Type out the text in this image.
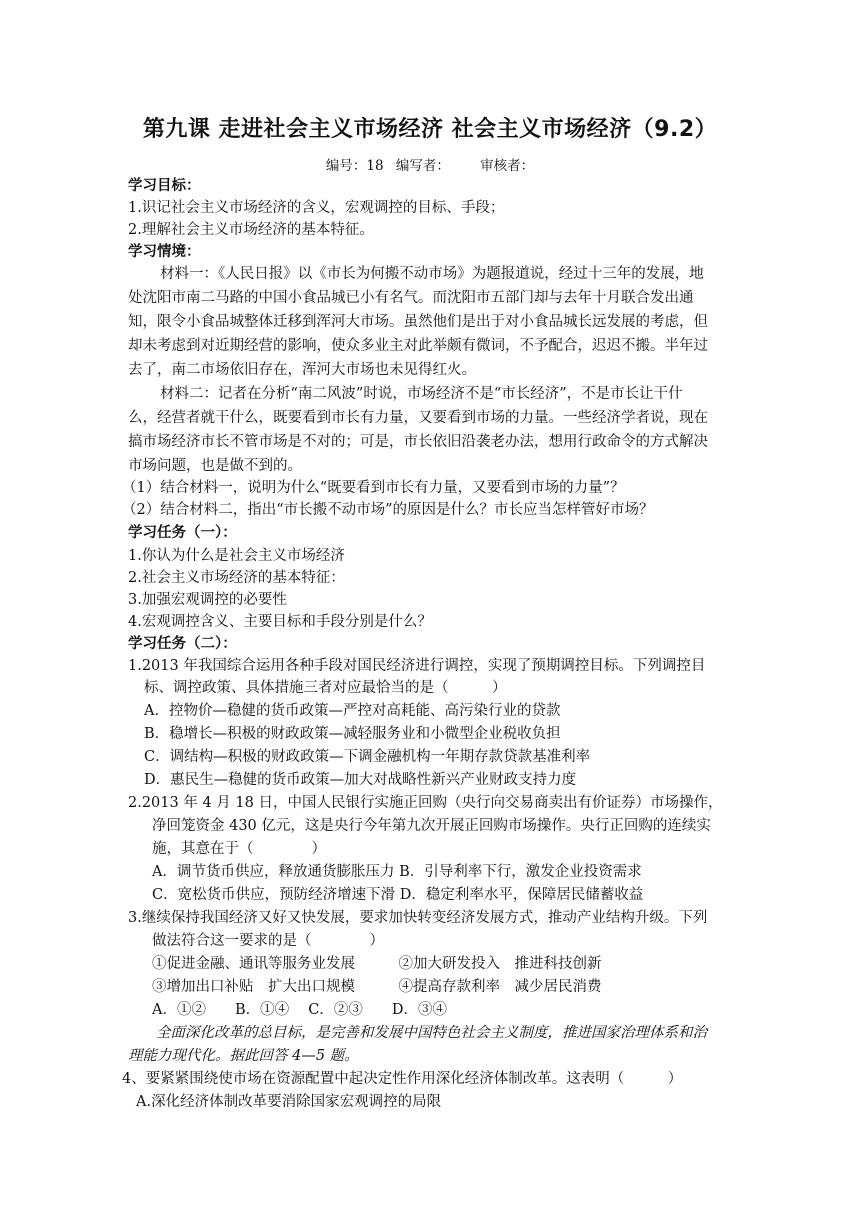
第九课 走进社会主义市场经济 社会主义市场经济（9.2）
编号：18 编写者： 审核者：
学习目标：
1.识记社会主义市场经济的含义，宏观调控的目标、手段；
2.理解社会主义市场经济的基本特征。
学习情境：
材料一：《人民日报》以《市长为何搬不动市场》为题报道说，经过十三年的发展，地
处沈阳市南二马路的中国小食品城已小有名气。而沈阳市五部门却与去年十月联合发出通
知，限令小食品城整体迁移到浑河大市场。虽然他们是出于对小食品城长远发展的考虑，但
却未考虑到对近期经营的影响，使众多业主对此举颇有微词，不予配合，迟迟不搬。半年过
去了，南二市场依旧存在，浑河大市场也未见得红火。
材料二：记者在分析“南二风波”时说，市场经济不是“市长经济”，不是市长让干什
么，经营者就干什么，既要看到市长有力量，又要看到市场的力量。一些经济学者说，现在
搞市场经济市长不管市场是不对的；可是，市长依旧沿袭老办法，想用行政命令的方式解决
市场问题，也是做不到的。
（1）结合材料一，说明为什么“既要看到市长有力量，又要看到市场的力量”？
（2）结合材料二，指出“市长搬不动市场”的原因是什么？市长应当怎样管好市场？
学习任务（一）：
1.你认为什么是社会主义市场经济
2.社会主义市场经济的基本特征：
3.加强宏观调控的必要性
4.宏观调控含义、主要目标和手段分别是什么？
学习任务（二）：
1.2013 年我国综合运用各种手段对国民经济进行调控，实现了预期调控目标。下列调控目
标、调控政策、具体措施三者对应最恰当的是（　　　）
A．控物价—稳健的货币政策—严控对高耗能、高污染行业的贷款
B．稳增长—积极的财政政策—减轻服务业和小微型企业税收负担
C．调结构—积极的财政政策—下调金融机构一年期存款贷款基准利率
D．惠民生—稳健的货币政策—加大对战略性新兴产业财政支持力度
2.2013 年 4 月 18 日，中国人民银行实施正回购（央行向交易商卖出有价证券）市场操作，
净回笼资金 430 亿元，这是央行今年第九次开展正回购市场操作。央行正回购的连续实
施，其意在于（　　　　）
A．调节货币供应，释放通货膨胀压力 B．引导利率下行，激发企业投资需求
C．宽松货币供应，预防经济增速下滑 D．稳定利率水平，保障居民储蓄收益
3.继续保持我国经济又好又快发展，要求加快转变经济发展方式，推动产业结构升级。下列
做法符合这一要求的是（　　　　）
①促进金融、通讯等服务业发展　　　②加大研发投入　推进科技创新
③增加出口补贴　扩大出口规模　　　④提高存款利率　减少居民消费
A．①②　　B．①④　 C．②③　　D．③④
全面深化改革的总目标，是完善和发展中国特色社会主义制度，推进国家治理体系和治
理能力现代化。据此回答 4—5 题。
4、要紧紧围绕使市场在资源配置中起决定性作用深化经济体制改革。这表明（　　　）
A.深化经济体制改革要消除国家宏观调控的局限
